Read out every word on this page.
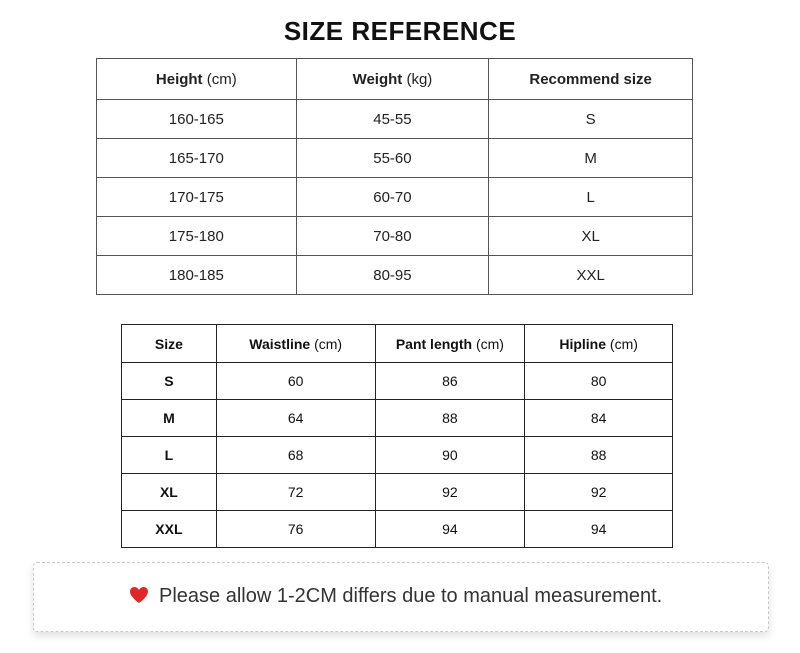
SIZE REFERENCE
Height (cm)	Weight (kg)	Recommend size
160-165	45-55	S
165-170	55-60	M
170-175	60-70	L
175-180	70-80	XL
180-185	80-95	XXL
Size	Waistline (cm)	Pant length (cm)	Hipline (cm)
S	60	86	80
M	64	88	84
L	68	90	88
XL	72	92	92
XXL	76	94	94
Please allow 1-2CM differs due to manual measurement.
